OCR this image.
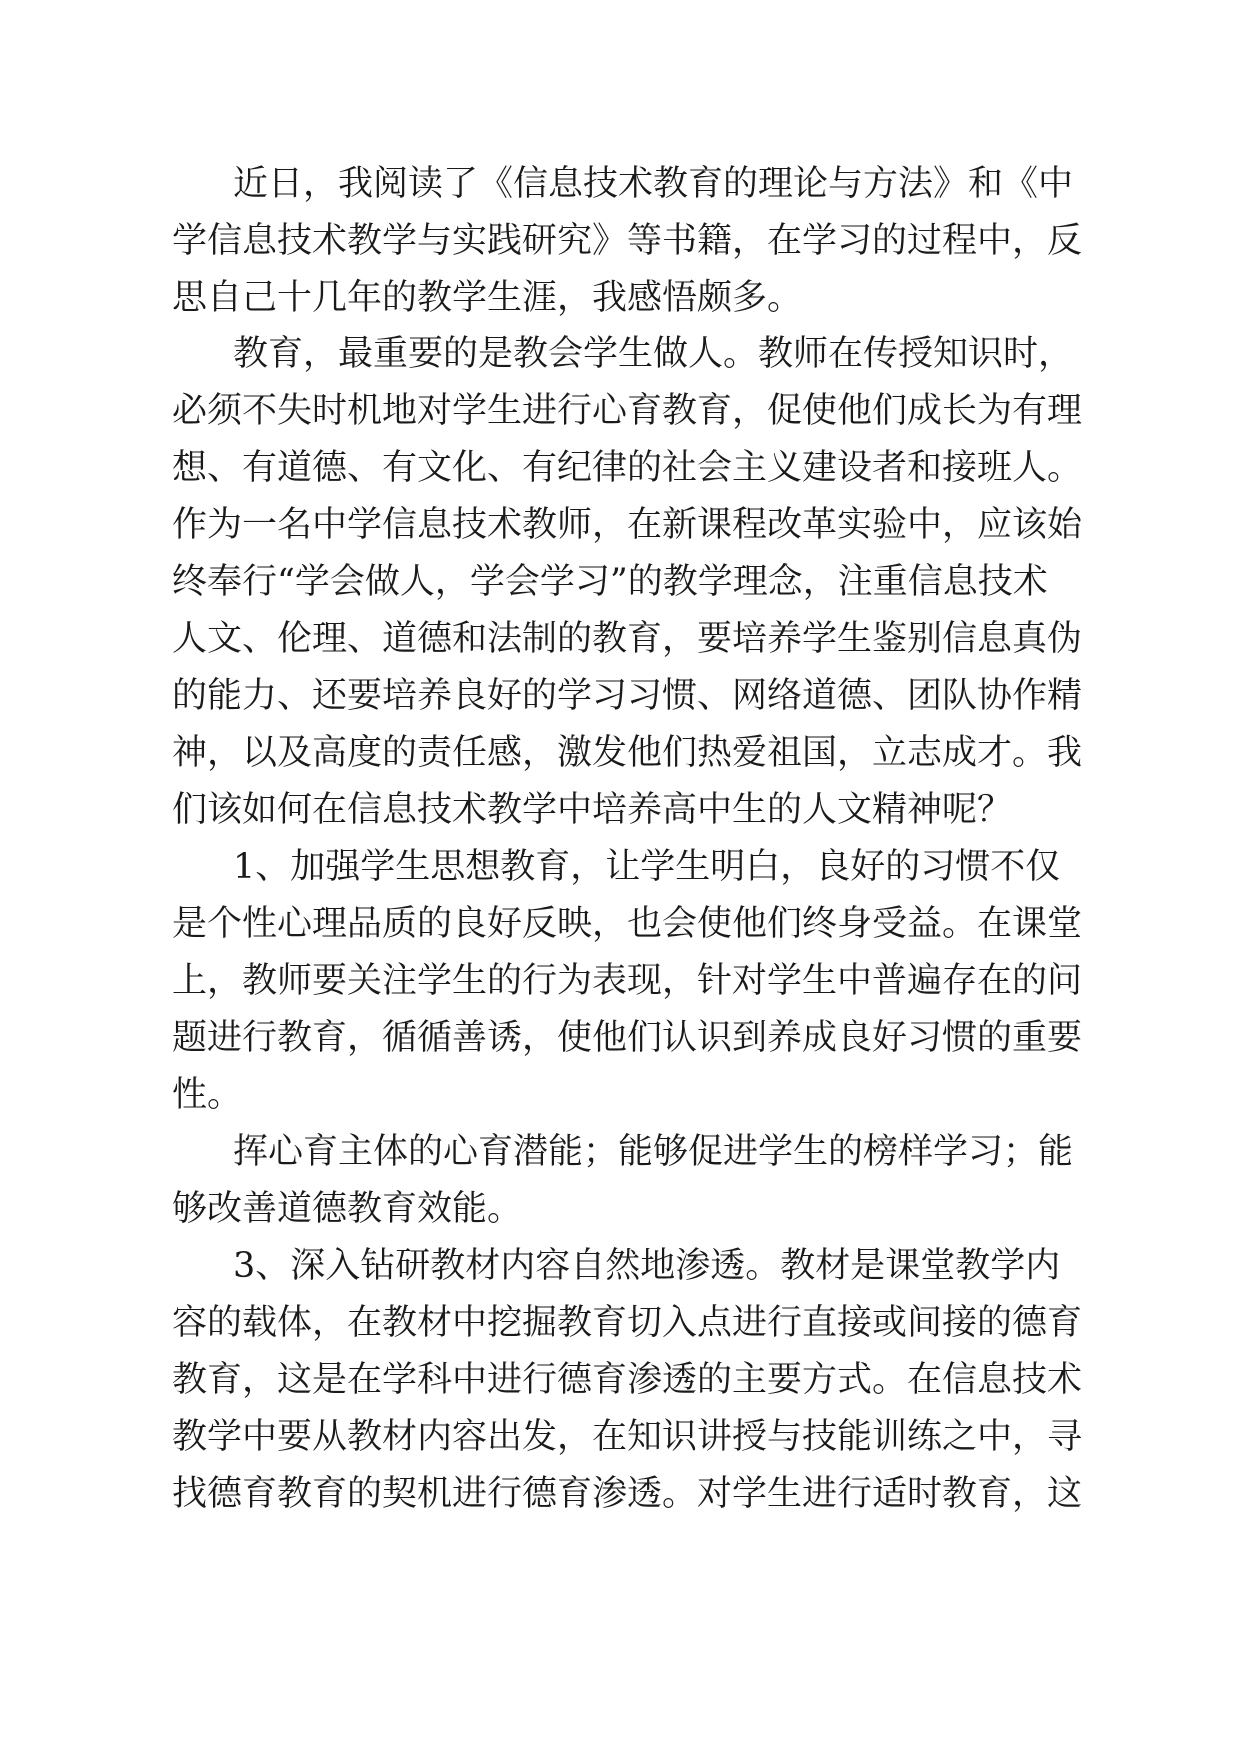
近日，我阅读了《信息技术教育的理论与方法》和《中
学信息技术教学与实践研究》等书籍，在学习的过程中，反
思自己十几年的教学生涯，我感悟颇多。
教育，最重要的是教会学生做人。教师在传授知识时，
必须不失时机地对学生进行心育教育，促使他们成长为有理
想、有道德、有文化、有纪律的社会主义建设者和接班人。
作为一名中学信息技术教师，在新课程改革实验中，应该始
终奉行“学会做人，学会学习”的教学理念，注重信息技术
人文、伦理、道德和法制的教育，要培养学生鉴别信息真伪
的能力、还要培养良好的学习习惯、网络道德、团队协作精
神，以及高度的责任感，激发他们热爱祖国，立志成才。我
们该如何在信息技术教学中培养高中生的人文精神呢？
1、加强学生思想教育，让学生明白，良好的习惯不仅
是个性心理品质的良好反映，也会使他们终身受益。在课堂
上，教师要关注学生的行为表现，针对学生中普遍存在的问
题进行教育，循循善诱，使他们认识到养成良好习惯的重要
性。
挥心育主体的心育潜能；能够促进学生的榜样学习；能
够改善道德教育效能。
3、深入钻研教材内容自然地渗透。教材是课堂教学内
容的载体，在教材中挖掘教育切入点进行直接或间接的德育
教育，这是在学科中进行德育渗透的主要方式。在信息技术
教学中要从教材内容出发，在知识讲授与技能训练之中，寻
找德育教育的契机进行德育渗透。对学生进行适时教育，这
